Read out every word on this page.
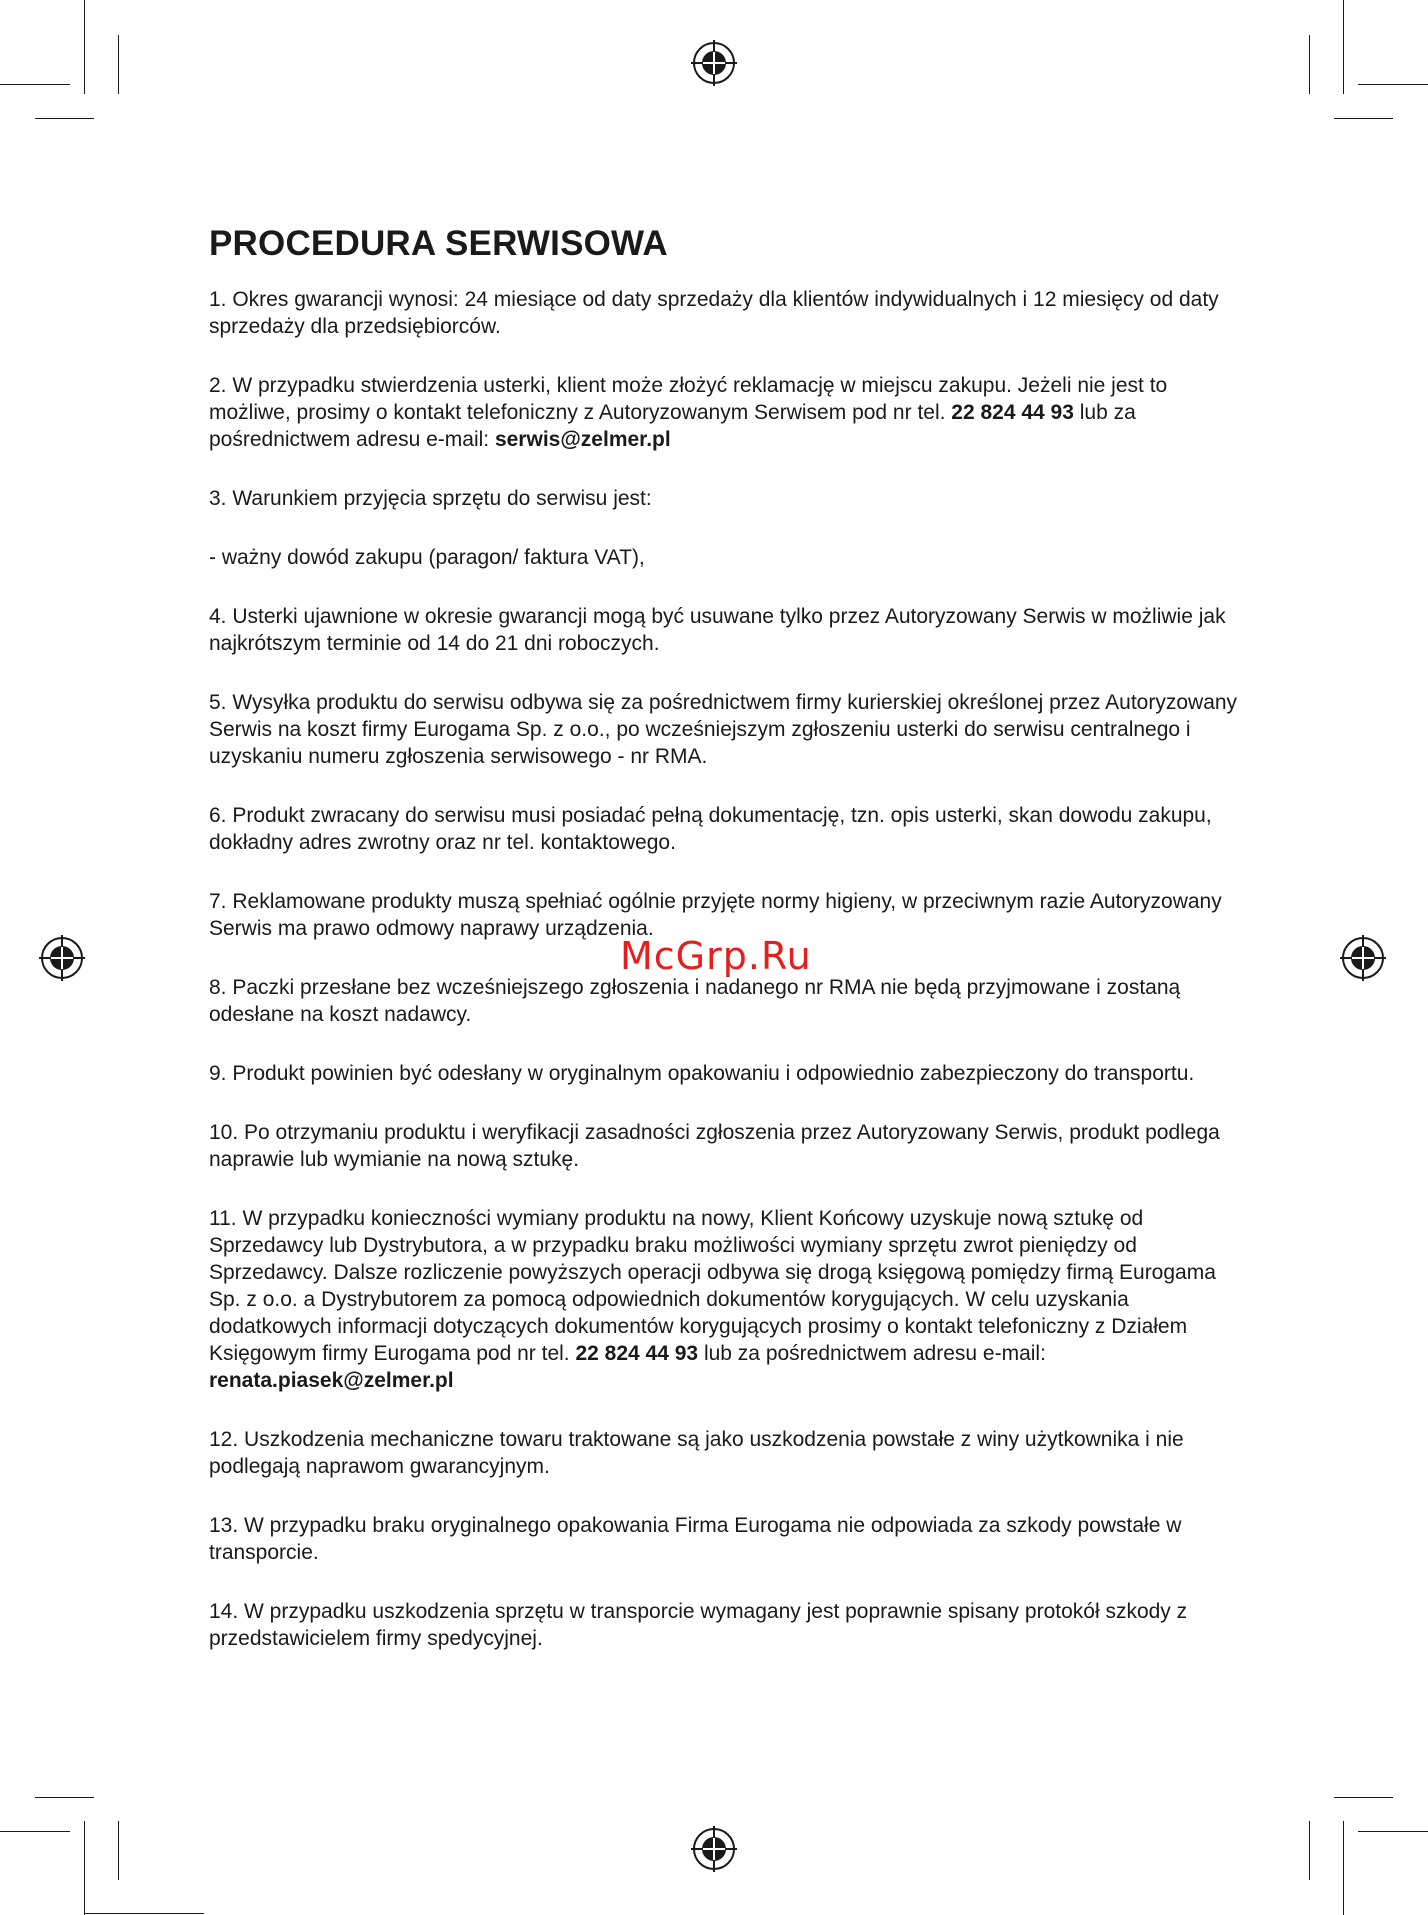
PROCEDURA SERWISOWA

1. Okres gwarancji wynosi: 24 miesiące od daty sprzedaży dla klientów indywidualnych i 12 miesięcy od daty sprzedaży dla przedsiębiorców.

2. W przypadku stwierdzenia usterki, klient może złożyć reklamację w miejscu zakupu. Jeżeli nie jest to możliwe, prosimy o kontakt telefoniczny z Autoryzowanym Serwisem pod nr tel. 22 824 44 93 lub za pośrednictwem adresu e-mail: serwis@zelmer.pl

3. Warunkiem przyjęcia sprzętu do serwisu jest:

- ważny dowód zakupu (paragon/ faktura VAT),

4. Usterki ujawnione w okresie gwarancji mogą być usuwane tylko przez Autoryzowany Serwis w możliwie jak najkrótszym terminie od 14 do 21 dni roboczych.

5. Wysyłka produktu do serwisu odbywa się za pośrednictwem firmy kurierskiej określonej przez Autoryzowany Serwis na koszt firmy Eurogama Sp. z o.o., po wcześniejszym zgłoszeniu usterki do serwisu centralnego i uzyskaniu numeru zgłoszenia serwisowego - nr RMA.

6. Produkt zwracany do serwisu musi posiadać pełną dokumentację, tzn. opis usterki, skan dowodu zakupu, dokładny adres zwrotny oraz nr tel. kontaktowego.

7. Reklamowane produkty muszą spełniać ogólnie przyjęte normy higieny, w przeciwnym razie Autoryzowany Serwis ma prawo odmowy naprawy urządzenia.

8. Paczki przesłane bez wcześniejszego zgłoszenia i nadanego nr RMA nie będą przyjmowane i zostaną odesłane na koszt nadawcy.

9. Produkt powinien być odesłany w oryginalnym opakowaniu i odpowiednio zabezpieczony do transportu.

10. Po otrzymaniu produktu i weryfikacji zasadności zgłoszenia przez Autoryzowany Serwis, produkt podlega naprawie lub wymianie na nową sztukę.

11. W przypadku konieczności wymiany produktu na nowy, Klient Końcowy uzyskuje nową sztukę od Sprzedawcy lub Dystrybutora, a w przypadku braku możliwości wymiany sprzętu zwrot pieniędzy od Sprzedawcy. Dalsze rozliczenie powyższych operacji odbywa się drogą księgową pomiędzy firmą Eurogama Sp. z o.o. a Dystrybutorem za pomocą odpowiednich dokumentów korygujących. W celu uzyskania dodatkowych informacji dotyczących dokumentów korygujących prosimy o kontakt telefoniczny z Działem Księgowym firmy Eurogama pod nr tel. 22 824 44 93 lub za pośrednictwem adresu e-mail: renata.piasek@zelmer.pl

12. Uszkodzenia mechaniczne towaru traktowane są jako uszkodzenia powstałe z winy użytkownika i nie podlegają naprawom gwarancyjnym.

13. W przypadku braku oryginalnego opakowania Firma Eurogama nie odpowiada za szkody powstałe w transporcie.

14. W przypadku uszkodzenia sprzętu w transporcie wymagany jest poprawnie spisany protokół szkody z przedstawicielem firmy spedycyjnej.

McGrp.Ru
